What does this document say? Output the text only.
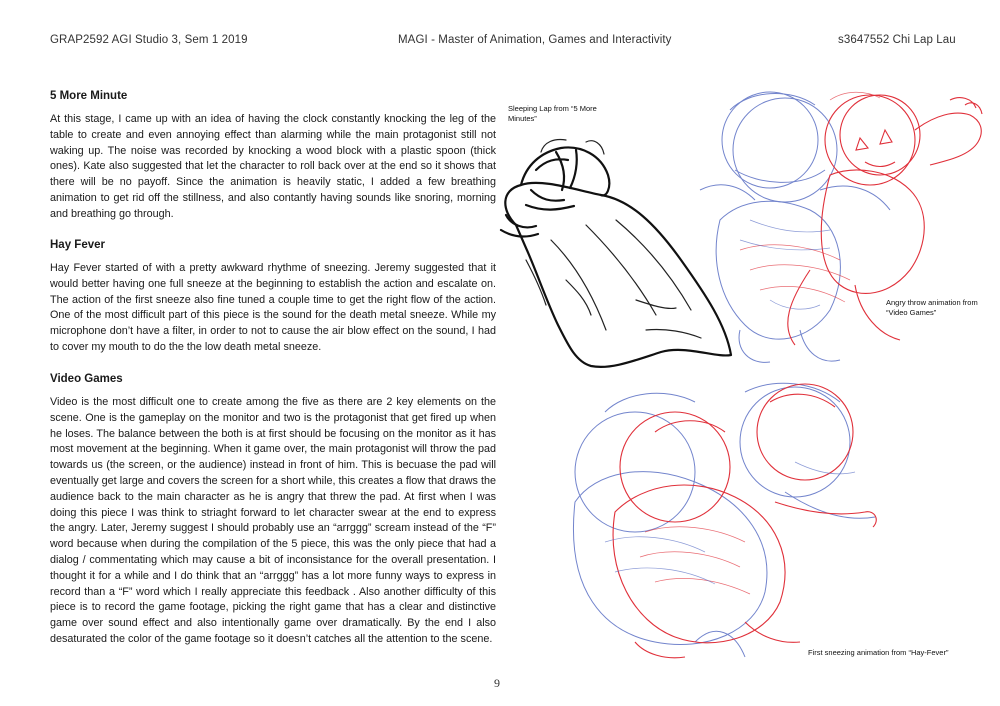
GRAP2592 AGI Studio 3, Sem 1 2019	MAGI - Master of Animation, Games and Interactivity	s3647552 Chi Lap Lau
5 More Minute

At this stage, I came up with an idea of having the clock constantly knocking the leg of the table to create and even annoying effect than alarming while the main protagonist still not waking up. The noise was recorded by knocking a wood block with a plastic spoon (thick ones). Kate also suggested that let the character to roll back over at the end so it shows that there will be no payoff. Since the animation is heavily static, I added a few breathing animation to get rid off the stillness, and also contantly having sounds like snoring, morning and breathing go through.

Hay Fever

Hay Fever started of with a pretty awkward rhythme of sneezing. Jeremy suggested that it would better having one full sneeze at the beginning to establish the action and escalate on. The action of the first sneeze also fine tuned a couple time to get the right flow of the action. One of the most difficult part of this piece is the sound for the death metal sneeze. While my microphone don’t have a filter, in order to not to cause the air blow effect on the sound, I had to cover my mouth to do the the low death metal sneeze.

Video Games

Video is the most difficult one to create among the five as there are 2 key elements on the scene. One is the gameplay on the monitor and two is the protagonist that get fired up when he loses. The balance between the both is at first should be focusing on the monitor as it has most movement at the beginning. When it game over, the main protagonist will throw the pad towards us (the screen, or the audience) instead in front of him. This is becuase the pad will eventually get large and covers the screen for a short while, this creates a flow that draws the audience back to the main character as he is angry that threw the pad. At first when I was doing this piece I was think to striaght forward to let character swear at the end to express the angry. Later, Jeremy suggest I should probably use an “arrggg” scream instead of the “F” word because when during the compilation of the 5 piece, this was the only piece that had a dialog / commentating which may cause a bit of inconsistance for the overall presentation. I thought it for a while and I do think that an “arrggg” has a lot more funny ways to express in record than a “F” word which I really appreciate this feedback . Also another difficulty of this piece is to record the game footage, picking the right game that has a clear and distinctive game over sound effect and also intentionally game over dramatically. By the end I also desaturated the color of the game footage so it doesn’t catches all the attention to the scene.

Sleeping Lap from “5 More Minutes”
Angry throw animation from “Video Games”
First sneezing animation from “Hay-Fever”
9
